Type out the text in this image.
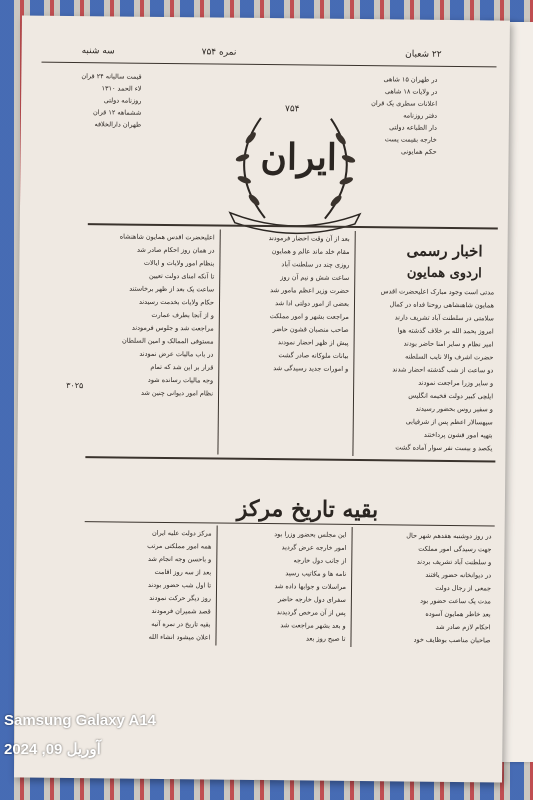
سه شنبه	نمره ۷۵۴	۲۲ شعبان
قیمت سالیانه ۲۴ قران
لاء الحمد ۱۳۱۰
روزنامه دولتی
ششماهه ۱۲ قران
طهران دارالخلافه
در طهران ۱۵ شاهی
در ولایات ۱۸ شاهی
اعلانات سطری یک قران
دفتر روزنامه
دار الطباعه دولتی
خارجه بقیمت پست
حکم همایونی
۷۵۴
ایران
اخبار رسمی
اردوی همایون

مدتی است وجود مبارک اعلیحضرت اقدس

همایون شاهنشاهی روحنا فداه در کمال

سلامتی در سلطنت آباد تشریف دارند

امروز بحمد الله بر خلاف گذشته هوا

امیر نظام و سایر امنا حاضر بودند

حضرت اشرف والا نایب السلطنه

دو ساعت از شب گذشته احضار شدند

و سایر وزرا مراجعت نمودند

ایلچی کبیر دولت فخیمه انگلیس

و سفیر روس بحضور رسیدند

سپهسالار اعظم پس از شرفیابی

بتهیه امور قشون پرداختند

یکصد و بیست نفر سوار آماده گشت

بعد از آن وقت احضار فرمودند

مقام خلد ماند عالم و همایون

روزی چند در سلطنت آباد

ساعت شش و نیم آن روز

حضرت وزیر اعظم مامور شد

بعضی از امور دولتی ادا شد

مراجعت بشهر و امور مملکت

صاحب منصبان قشون حاضر

پیش از ظهر احضار نمودند

بیانات ملوکانه صادر گشت

و امورات جدید رسیدگی شد

اعلیحضرت اقدس همایون شاهنشاه

در همان روز احکام صادر شد

بنظام امور ولایات و ایالات

تا آنکه امنای دولت تعیین

ساعت یک بعد از ظهر برخاستند

حکام ولایات بخدمت رسیدند

و از آنجا بطرف عمارت

مراجعت شد و جلوس فرمودند

مستوفی الممالک و امین السلطان

در باب مالیات عرض نمودند

قرار بر این شد که تمام

وجه مالیات رسانده شود

نظام امور دیوانی چنین شد

۳۰۲۵
بقیه تاریخ مرکز

در روز دوشنبه هفدهم شهر حال

جهت رسیدگی امور مملکت

و سلطنت آباد تشریف بردند

در دیوانخانه حضور یافتند

جمعی از رجال دولت

مدت یک ساعت حضور بود

بعد خاطر همایون آسوده

احکام لازم صادر شد

صاحبان مناصب بوظایف خود

این مجلس بحضور وزرا بود

امور خارجه عرض گردید

از جانب دول خارجه

نامه ها و مکاتیب رسید

مراسلات و جوابها داده شد

سفرای دول خارجه حاضر

پس از آن مرخص گردیدند

و بعد بشهر مراجعت شد

تا صبح روز بعد

مرکز دولت علیه ایران

همه امور مملکتی مرتب

و باحسن وجه انجام شد

بعد از سه روز اقامت

تا اول شب حضور بودند

روز دیگر حرکت نمودند

قصد شمیران فرمودند

بقیه تاریخ در نمره آتیه

اعلان میشود انشاء الله

Samsung Galaxy A14
2024 ,09 آوریل
